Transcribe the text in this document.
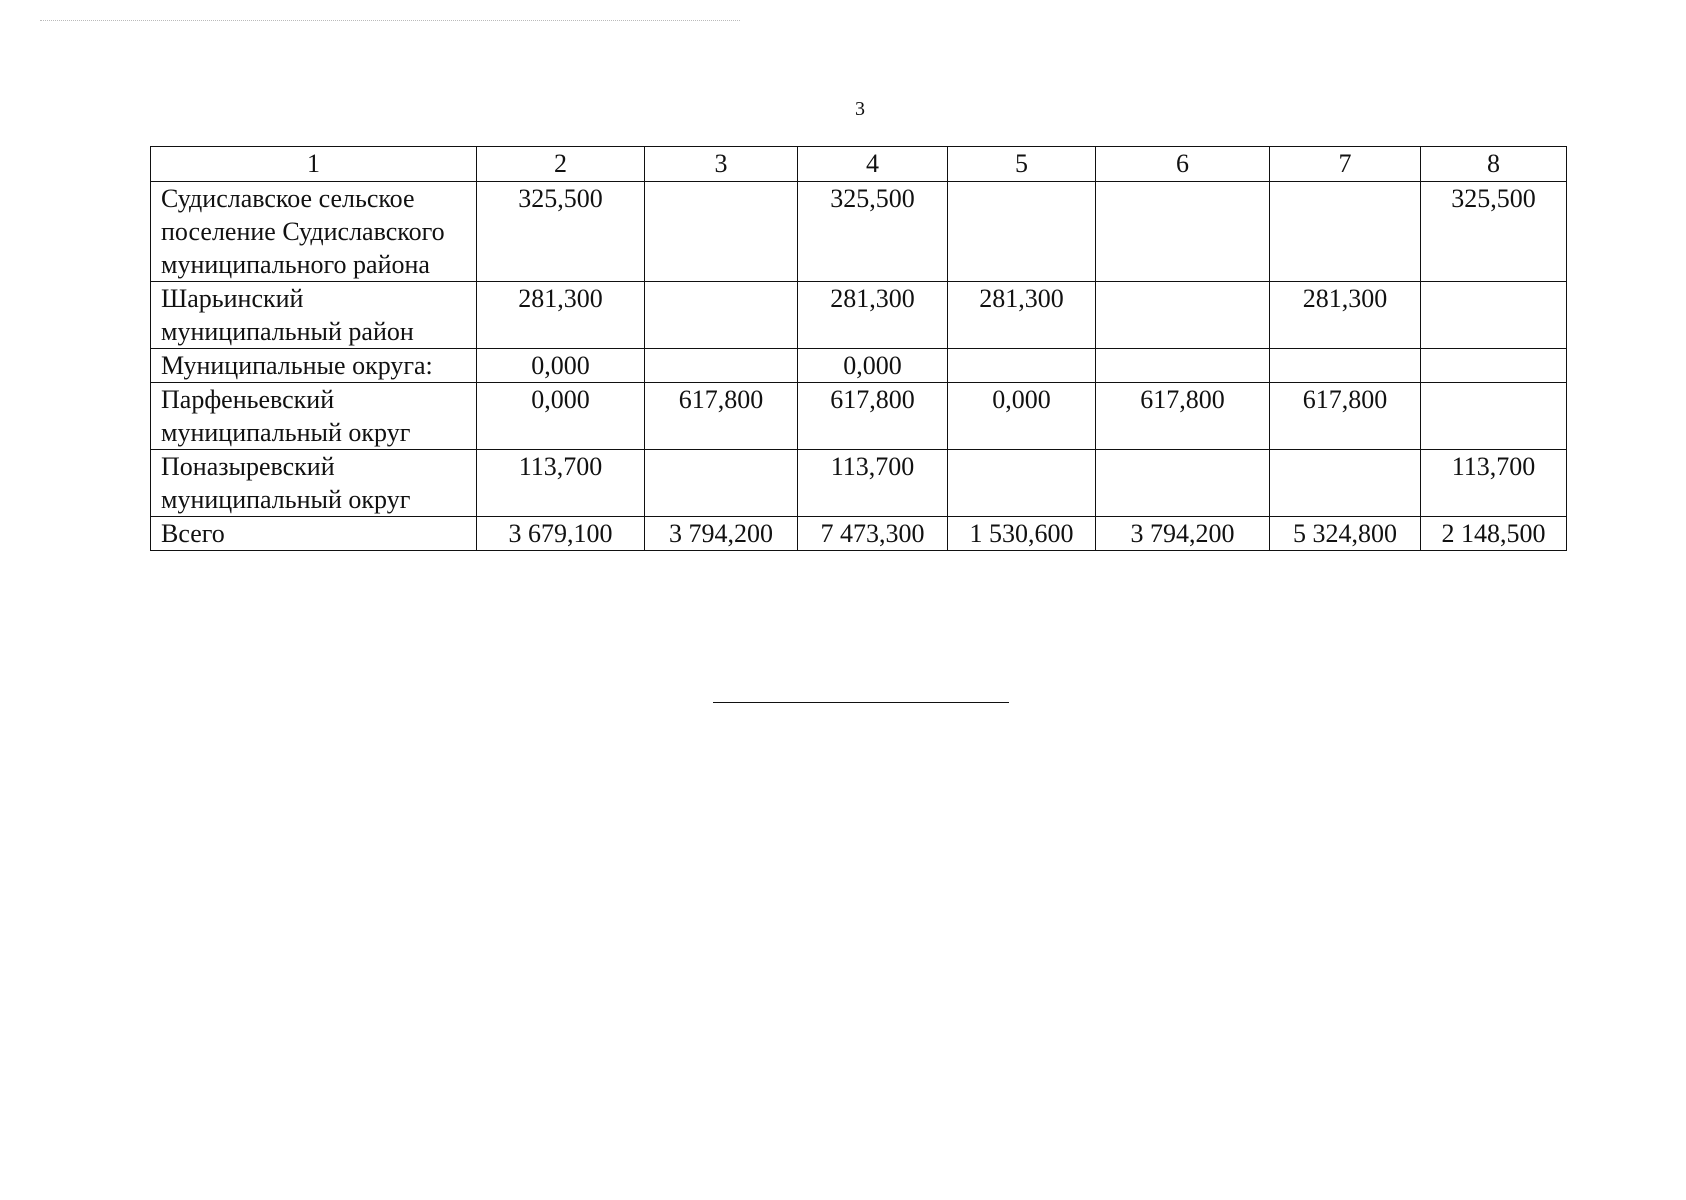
3
1	2	3	4	5	6	7	8
Судиславское сельское поселение Судиславского муниципального района	325,500		325,500				325,500
Шарьинский муниципальный район	281,300		281,300	281,300		281,300	
Муниципальные округа:	0,000		0,000				
Парфеньевский муниципальный округ	0,000	617,800	617,800	0,000	617,800	617,800	
Поназыревский муниципальный округ	113,700		113,700				113,700
Всего	3 679,100	3 794,200	7 473,300	1 530,600	3 794,200	5 324,800	2 148,500
